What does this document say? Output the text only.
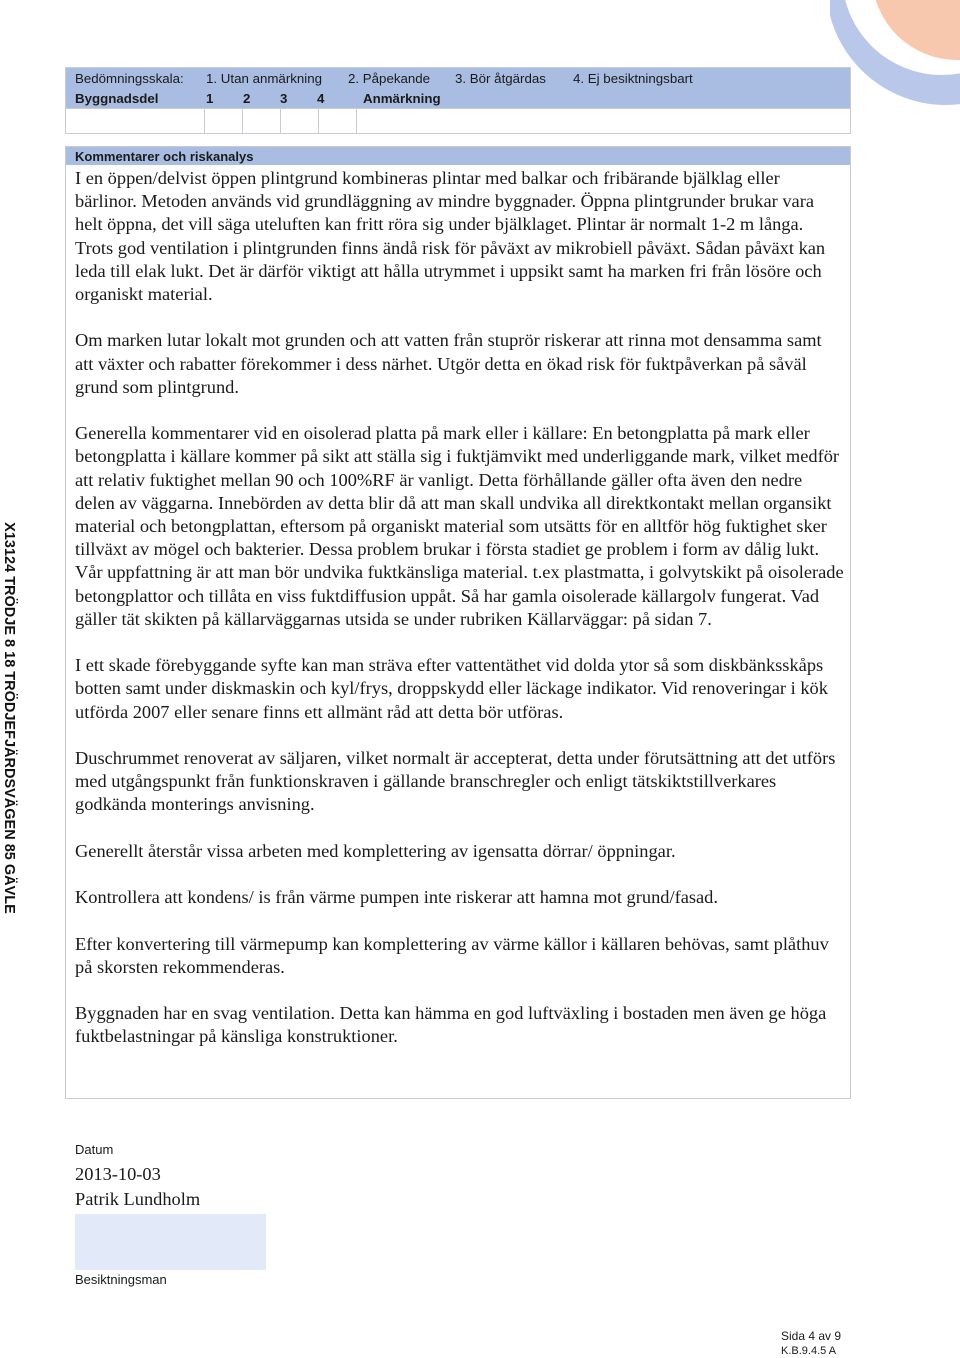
X13124 TRÖDJE 8 18 TRÖDJEFJÄRDSVÄGEN 85 GÄVLE
Bedömningsskala:	1. Utan anmärkning	2. Påpekande	3. Bör åtgärdas	4. Ej besiktningsbart
Byggnadsdel	1	2	3	4	Anmärkning
Kommentarer och riskanalys

I en öppen/delvist öppen plintgrund kombineras plintar med balkar och fribärande bjälklag eller bärlinor. Metoden används vid grundläggning av mindre byggnader. Öppna plintgrunder brukar vara helt öppna, det vill säga uteluften kan fritt röra sig under bjälklaget. Plintar är normalt 1-2 m långa. Trots god ventilation i plintgrunden finns ändå risk för påväxt av mikrobiell påväxt. Sådan påväxt kan leda till elak lukt. Det är därför viktigt att hålla utrymmet i uppsikt samt ha marken fri från lösöre och organiskt material.

Om marken lutar lokalt mot grunden och att vatten från stuprör riskerar att rinna mot densamma samt att växter och rabatter förekommer i dess närhet. Utgör detta en ökad risk för fuktpåverkan på såväl grund som plintgrund.

Generella kommentarer vid en oisolerad platta på mark eller i källare: En betongplatta på mark eller betongplatta i källare kommer på sikt att ställa sig i fuktjämvikt med underliggande mark, vilket medför att relativ fuktighet mellan 90 och 100%RF är vanligt. Detta förhållande gäller ofta även den nedre delen av väggarna. Innebörden av detta blir då att man skall undvika all direktkontakt mellan organsikt material och betongplattan, eftersom på organiskt material som utsätts för en alltför hög fuktighet sker tillväxt av mögel och bakterier. Dessa problem brukar i första stadiet ge problem i form av dålig lukt. Vår uppfattning är att man bör undvika fuktkänsliga material. t.ex plastmatta, i golvytskikt på oisolerade betongplattor och tillåta en viss fuktdiffusion uppåt. Så har gamla oisolerade källargolv fungerat. Vad gäller tät skikten på källarväggarnas utsida se under rubriken Källarväggar: på sidan 7.

I ett skade förebyggande syfte kan man sträva efter vattentäthet vid dolda ytor så som diskbänksskåps botten samt under diskmaskin och kyl/frys, droppskydd eller läckage indikator. Vid renoveringar i kök utförda 2007 eller senare finns ett allmänt råd att detta bör utföras.

Duschrummet renoverat av säljaren, vilket normalt är accepterat, detta under förutsättning att det utförs med utgångspunkt från funktionskraven i gällande branschregler och enligt tätskiktstillverkares godkända monterings anvisning.

Generellt återstår vissa arbeten med komplettering av igensatta dörrar/ öppningar.

Kontrollera att kondens/ is från värme pumpen inte riskerar att hamna mot grund/fasad.

Efter konvertering till värmepump kan komplettering av värme källor i källaren behövas, samt plåthuv på skorsten rekommenderas.

Byggnaden har en svag ventilation. Detta kan hämma en god luftväxling i bostaden men även ge höga fuktbelastningar på känsliga konstruktioner.

Datum
2013-10-03
Patrik Lundholm
Besiktningsman
Sida 4 av 9
K.B.9.4.5 A
